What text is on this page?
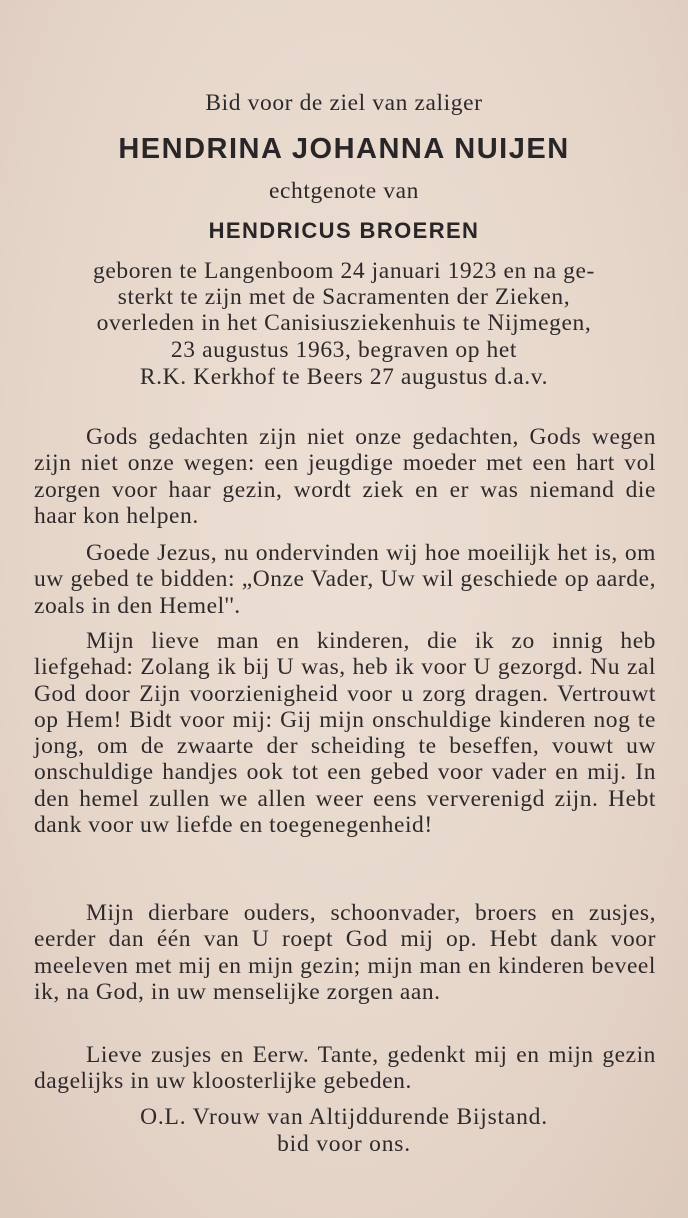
Bid voor de ziel van zaliger

HENDRINA JOHANNA NUIJEN

echtgenote van

HENDRICUS BROEREN

geboren te Langenboom 24 januari 1923 en na ge-

sterkt te zijn met de Sacramenten der Zieken,

overleden in het Canisiusziekenhuis te Nijmegen,

23 augustus 1963, begraven op het

R.K. Kerkhof te Beers 27 augustus d.a.v.

Gods gedachten zijn niet onze gedachten, Gods wegen zijn niet onze wegen: een jeugdige moeder met een hart vol zorgen voor haar gezin, wordt ziek en er was niemand die haar kon helpen.

Goede Jezus, nu ondervinden wij hoe moeilijk het is, om uw gebed te bidden: „Onze Vader, Uw wil geschiede op aarde, zoals in den Hemel''.

Mijn lieve man en kinderen, die ik zo innig heb liefgehad: Zolang ik bij U was, heb ik voor U gezorgd. Nu zal God door Zijn voorzienigheid voor u zorg dragen. Vertrouwt op Hem! Bidt voor mij: Gij mijn onschuldige kinderen nog te jong, om de zwaarte der scheiding te beseffen, vouwt uw onschuldige handjes ook tot een gebed voor vader en mij. In den hemel zullen we allen weer eens ververenigd zijn. Hebt dank voor uw liefde en toegenegenheid!

Mijn dierbare ouders, schoonvader, broers en zusjes, eerder dan één van U roept God mij op. Hebt dank voor meeleven met mij en mijn gezin; mijn man en kinderen beveel ik, na God, in uw menselijke zorgen aan.

Lieve zusjes en Eerw. Tante, gedenkt mij en mijn gezin dagelijks in uw kloosterlijke gebeden.

O.L. Vrouw van Altijddurende Bijstand.

bid voor ons.
